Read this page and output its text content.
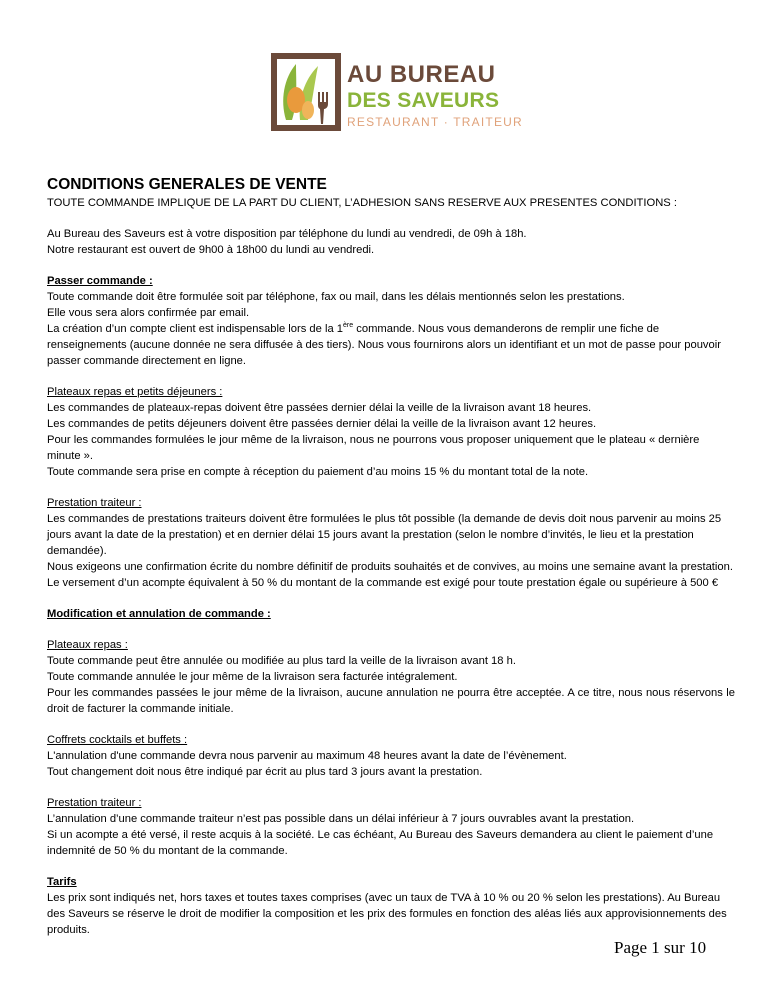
AU BUREAU
DES SAVEURS
RESTAURANT · TRAITEUR
CONDITIONS GENERALES DE VENTE

TOUTE COMMANDE IMPLIQUE DE LA PART DU CLIENT, L’ADHESION SANS RESERVE AUX PRESENTES CONDITIONS :

Au Bureau des Saveurs est à votre disposition par téléphone du lundi au vendredi, de 09h à 18h.

Notre restaurant est ouvert de 9h00 à 18h00 du lundi au vendredi.

Passer commande :

Toute commande doit être formulée soit par téléphone, fax ou mail, dans les délais mentionnés selon les prestations.

Elle vous sera alors confirmée par email.

La création d’un compte client est indispensable lors de la 1ère commande. Nous vous demanderons de remplir une fiche de renseignements (aucune donnée ne sera diffusée à des tiers). Nous vous fournirons alors un identifiant et un mot de passe pour pouvoir passer commande directement en ligne.

Plateaux repas et petits déjeuners :

Les commandes de plateaux-repas doivent être passées dernier délai la veille de la livraison avant 18 heures.

Les commandes de petits déjeuners doivent être passées dernier délai la veille de la livraison avant 12 heures.

Pour les commandes formulées le jour même de la livraison, nous ne pourrons vous proposer uniquement que le plateau « dernière minute ».

Toute commande sera prise en compte à réception du paiement d’au moins 15 % du montant total de la note.

Prestation traiteur :

Les commandes de prestations traiteurs doivent être formulées le plus tôt possible (la demande de devis doit nous parvenir au moins 25 jours avant la date de la prestation) et en dernier délai 15 jours avant la prestation (selon le nombre d’invités, le lieu et la prestation demandée).

Nous exigeons une confirmation écrite du nombre définitif de produits souhaités et de convives, au moins une semaine avant la prestation.

Le versement d’un acompte équivalent à 50 % du montant de la commande est exigé pour toute prestation égale ou supérieure à 500 €

Modification et annulation de commande :

Plateaux repas :

Toute commande peut être annulée ou modifiée au plus tard la veille de la livraison avant 18 h.

Toute commande annulée le jour même de la livraison sera facturée intégralement.

Pour les commandes passées le jour même de la livraison, aucune annulation ne pourra être acceptée. A ce titre, nous nous réservons le droit de facturer la commande initiale.

Coffrets cocktails et buffets :

L'annulation d'une commande devra nous parvenir au maximum 48 heures avant la date de l’évènement.

Tout changement doit nous être indiqué par écrit au plus tard 3 jours avant la prestation.

Prestation traiteur :

L’annulation d’une commande traiteur n’est pas possible dans un délai inférieur à 7 jours ouvrables avant la prestation.

Si un acompte a été versé, il reste acquis à la société. Le cas échéant, Au Bureau des Saveurs demandera au client le paiement d’une indemnité de 50 % du montant de la commande.

Tarifs

Les prix sont indiqués net, hors taxes et toutes taxes comprises (avec un taux de TVA à 10 % ou 20 % selon les prestations). Au Bureau des Saveurs se réserve le droit de modifier la composition et les prix des formules en fonction des aléas liés aux approvisionnements des produits.

Page 1 sur 10
